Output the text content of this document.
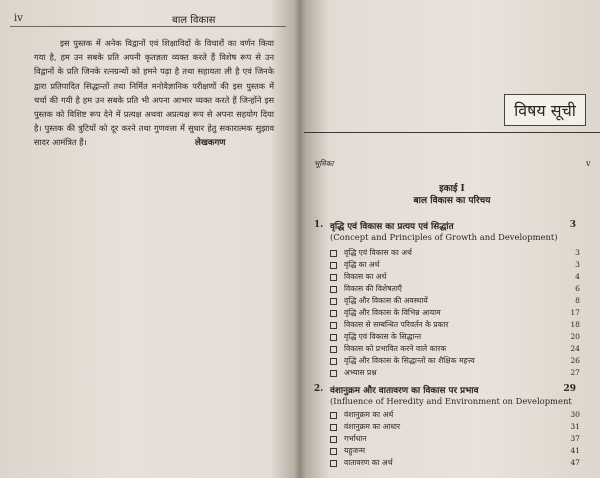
iv	बाल विकास

इस पुस्तक में अनेक विद्वानों एवं शिक्षाविदों के विचारों का वर्णन किया गया है, हम उन सबके प्रति अपनी कृतज्ञता व्यक्त करते हैं विशेष रूप से उन विद्वानों के प्रति जिनके रत्नग्रन्थों को हमने पढ़ा है तथा सहायता ली है एवं जिनके द्वारा प्रतिपादित सिद्धान्तों तथा निर्मित मनोवैज्ञानिक परीक्षणों की इस पुस्तक में चर्चा की गयी है हम उन सबके प्रति भी अपना आभार व्यक्त करते हैं जिन्होंने इस पुस्तक को विशिष्ट रूप देने में प्रत्यक्ष अथवा अप्रत्यक्ष रूप से अपना सहयोग दिया है। पुस्तक की त्रुटियों को दूर करने तथा गुणवत्ता में सुधार हेतु सकारात्मक सुझाव सादर आमंत्रित हैं।	लेखकगण
विषय सूची
भूमिका	v
इकाई I
बाल विकास का परिचय
1. वृद्धि एवं विकास का प्रत्यय एवं सिद्धांत	3
(Concept and Principles of Growth and Development)
वृद्धि एवं विकास का अर्थ	3
वृद्धि का अर्थ	3
विकास का अर्थ	4
विकास की विशेषताएँ	6
वृद्धि और विकास की अवस्थायें	8
वृद्धि और विकास के विभिन्न आयाम	17
विकास से सम्बन्धित परिवर्तन के प्रकार	18
वृद्धि एवं विकास के सिद्धान्त	20
विकास को प्रभावित करने वाले कारक	24
वृद्धि और विकास के सिद्धान्तों का शैक्षिक महत्त्व	26
अभ्यास प्रश्न	27
2. वंशानुक्रम और वातावरण का विकास पर प्रभाव	29
(Influence of Heredity and Environment on Development
वंशानुक्रम का अर्थ	30
वंशानुक्रम का आधार	31
गर्भाधान	37
यहुजन्म	41
वातावरण का अर्थ	47
